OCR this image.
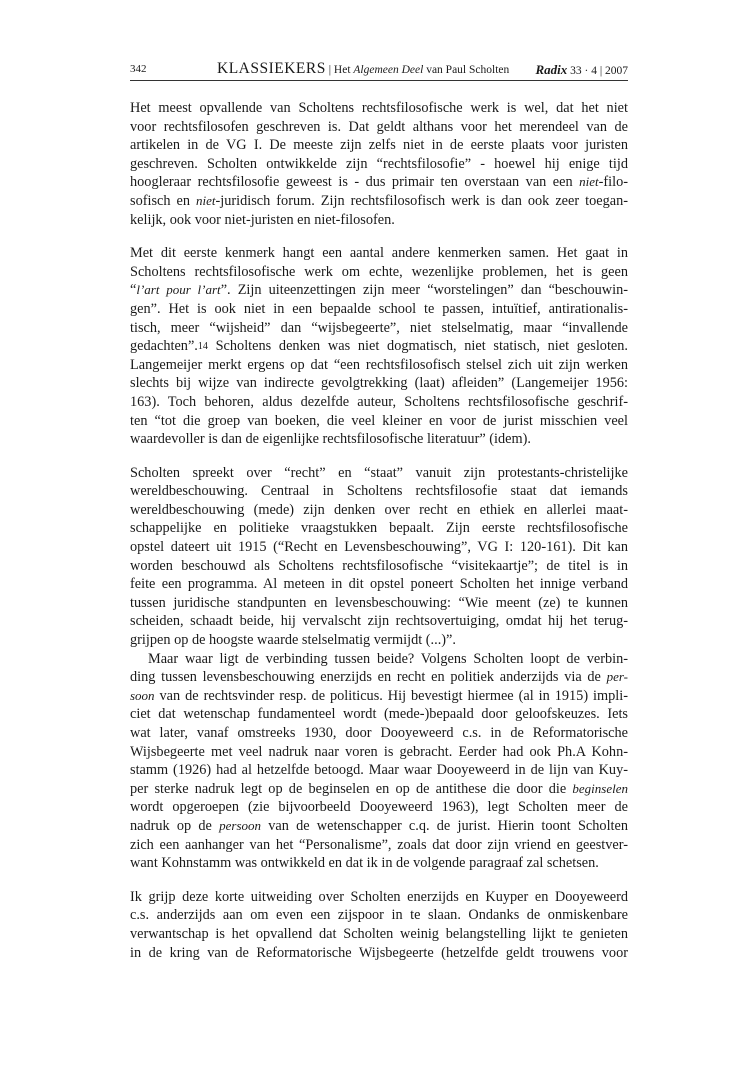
342	KLASSIEKERS | Het Algemeen Deel van Paul Scholten Radix 33 · 4 | 2007
Het meest opvallende van Scholtens rechtsfilosofische werk is wel, dat het niet
voor rechtsfilosofen geschreven is. Dat geldt althans voor het merendeel van de
artikelen in de VG I. De meeste zijn zelfs niet in de eerste plaats voor juristen
geschreven. Scholten ontwikkelde zijn “rechtsfilosofie” - hoewel hij enige tijd
hoogleraar rechtsfilosofie geweest is - dus primair ten overstaan van een niet-filo-
sofisch en niet-juridisch forum. Zijn rechtsfilosofisch werk is dan ook zeer toegan-
kelijk, ook voor niet-juristen en niet-filosofen.
Met dit eerste kenmerk hangt een aantal andere kenmerken samen. Het gaat in
Scholtens rechtsfilosofische werk om echte, wezenlijke problemen, het is geen
“l’art pour l’art”. Zijn uiteenzettingen zijn meer “worstelingen” dan “beschouwin-
gen”. Het is ook niet in een bepaalde school te passen, intuïtief, antirationalis-
tisch, meer “wijsheid” dan “wijsbegeerte”, niet stelselmatig, maar “invallende
gedachten”.14 Scholtens denken was niet dogmatisch, niet statisch, niet gesloten.
Langemeijer merkt ergens op dat “een rechtsfilosofisch stelsel zich uit zijn werken
slechts bij wijze van indirecte gevolgtrekking (laat) afleiden” (Langemeijer 1956:
163). Toch behoren, aldus dezelfde auteur, Scholtens rechtsfilosofische geschrif-
ten “tot die groep van boeken, die veel kleiner en voor de jurist misschien veel
waardevoller is dan de eigenlijke rechtsfilosofische literatuur” (idem).
Scholten spreekt over “recht” en “staat” vanuit zijn protestants-christelijke
wereldbeschouwing. Centraal in Scholtens rechtsfilosofie staat dat iemands
wereldbeschouwing (mede) zijn denken over recht en ethiek en allerlei maat-
schappelijke en politieke vraagstukken bepaalt. Zijn eerste rechtsfilosofische
opstel dateert uit 1915 (“Recht en Levensbeschouwing”, VG I: 120-161). Dit kan
worden beschouwd als Scholtens rechtsfilosofische “visitekaartje”; de titel is in
feite een programma. Al meteen in dit opstel poneert Scholten het innige verband
tussen juridische standpunten en levensbeschouwing: “Wie meent (ze) te kunnen
scheiden, schaadt beide, hij vervalscht zijn rechtsovertuiging, omdat hij het terug-
grijpen op de hoogste waarde stelselmatig vermijdt (...)”.
Maar waar ligt de verbinding tussen beide? Volgens Scholten loopt de verbin-
ding tussen levensbeschouwing enerzijds en recht en politiek anderzijds via de per-
soon van de rechtsvinder resp. de politicus. Hij bevestigt hiermee (al in 1915) impli-
ciet dat wetenschap fundamenteel wordt (mede-)bepaald door geloofskeuzes. Iets
wat later, vanaf omstreeks 1930, door Dooyeweerd c.s. in de Reformatorische
Wijsbegeerte met veel nadruk naar voren is gebracht. Eerder had ook Ph.A Kohn-
stamm (1926) had al hetzelfde betoogd. Maar waar Dooyeweerd in de lijn van Kuy-
per sterke nadruk legt op de beginselen en op de antithese die door die beginselen
wordt opgeroepen (zie bijvoorbeeld Dooyeweerd 1963), legt Scholten meer de
nadruk op de persoon van de wetenschapper c.q. de jurist. Hierin toont Scholten
zich een aanhanger van het “Personalisme”, zoals dat door zijn vriend en geestver-
want Kohnstamm was ontwikkeld en dat ik in de volgende paragraaf zal schetsen.
Ik grijp deze korte uitweiding over Scholten enerzijds en Kuyper en Dooyeweerd
c.s. anderzijds aan om even een zijspoor in te slaan. Ondanks de onmiskenbare
verwantschap is het opvallend dat Scholten weinig belangstelling lijkt te genieten
in de kring van de Reformatorische Wijsbegeerte (hetzelfde geldt trouwens voor
